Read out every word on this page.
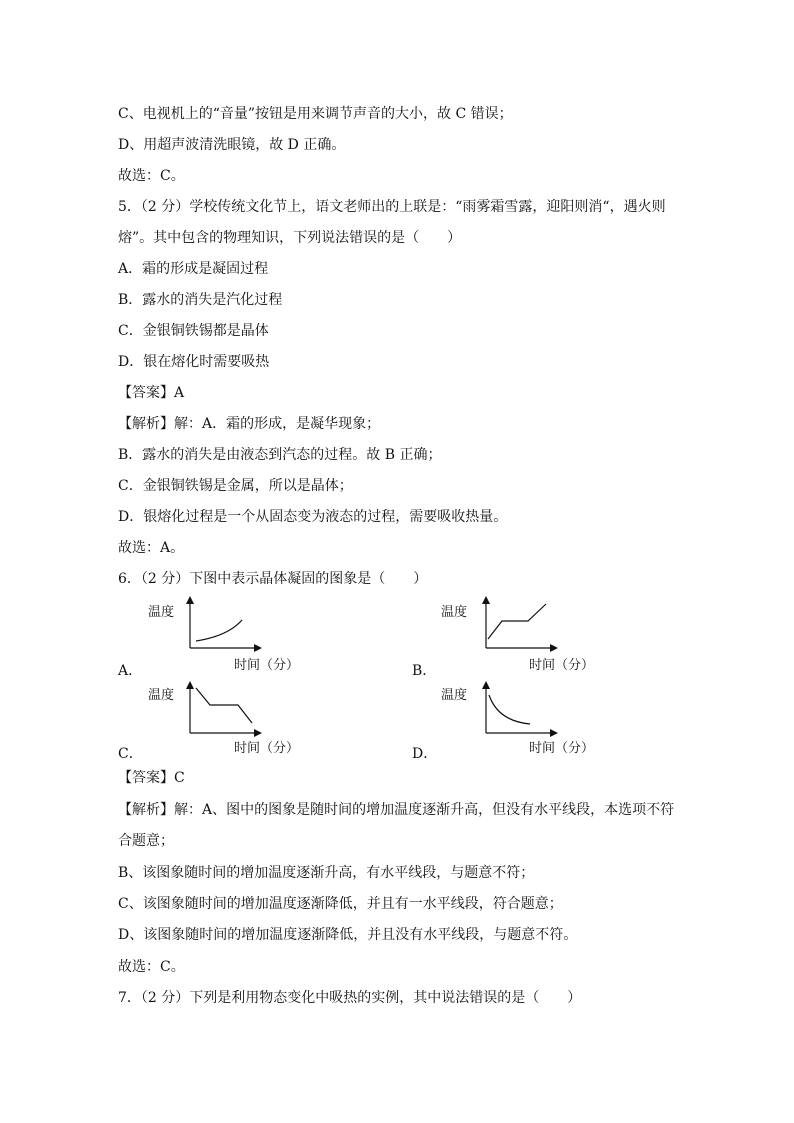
C、电视机上的“音量”按钮是用来调节声音的大小，故 C 错误；
D、用超声波清洗眼镜，故 D 正确。
故选：C。
5．（2 分）学校传统文化节上，语文老师出的上联是：“雨雾霜雪露，迎阳则消“，遇火则
熔”。其中包含的物理知识，下列说法错误的是（　　）
A．霜的形成是凝固过程
B．露水的消失是汽化过程
C．金银铜铁锡都是晶体
D．银在熔化时需要吸热
【答案】A
【解析】解：A．霜的形成，是凝华现象；
B．露水的消失是由液态到汽态的过程。故 B 正确；
C．金银铜铁锡是金属，所以是晶体；
D．银熔化过程是一个从固态变为液态的过程，需要吸收热量。
故选：A。
6．（2 分）下图中表示晶体凝固的图象是（　　）
温度
时间（分）
A．
温度
时间（分）
B．
温度
时间（分）
C．
温度
时间（分）
D．
【答案】C
【解析】解：A、图中的图象是随时间的增加温度逐渐升高，但没有水平线段，本选项不符
合题意；
B、该图象随时间的增加温度逐渐升高，有水平线段，与题意不符；
C、该图象随时间的增加温度逐渐降低，并且有一水平线段，符合题意；
D、该图象随时间的增加温度逐渐降低，并且没有水平线段，与题意不符。
故选：C。
7．（2 分）下列是利用物态变化中吸热的实例，其中说法错误的是（　　）
